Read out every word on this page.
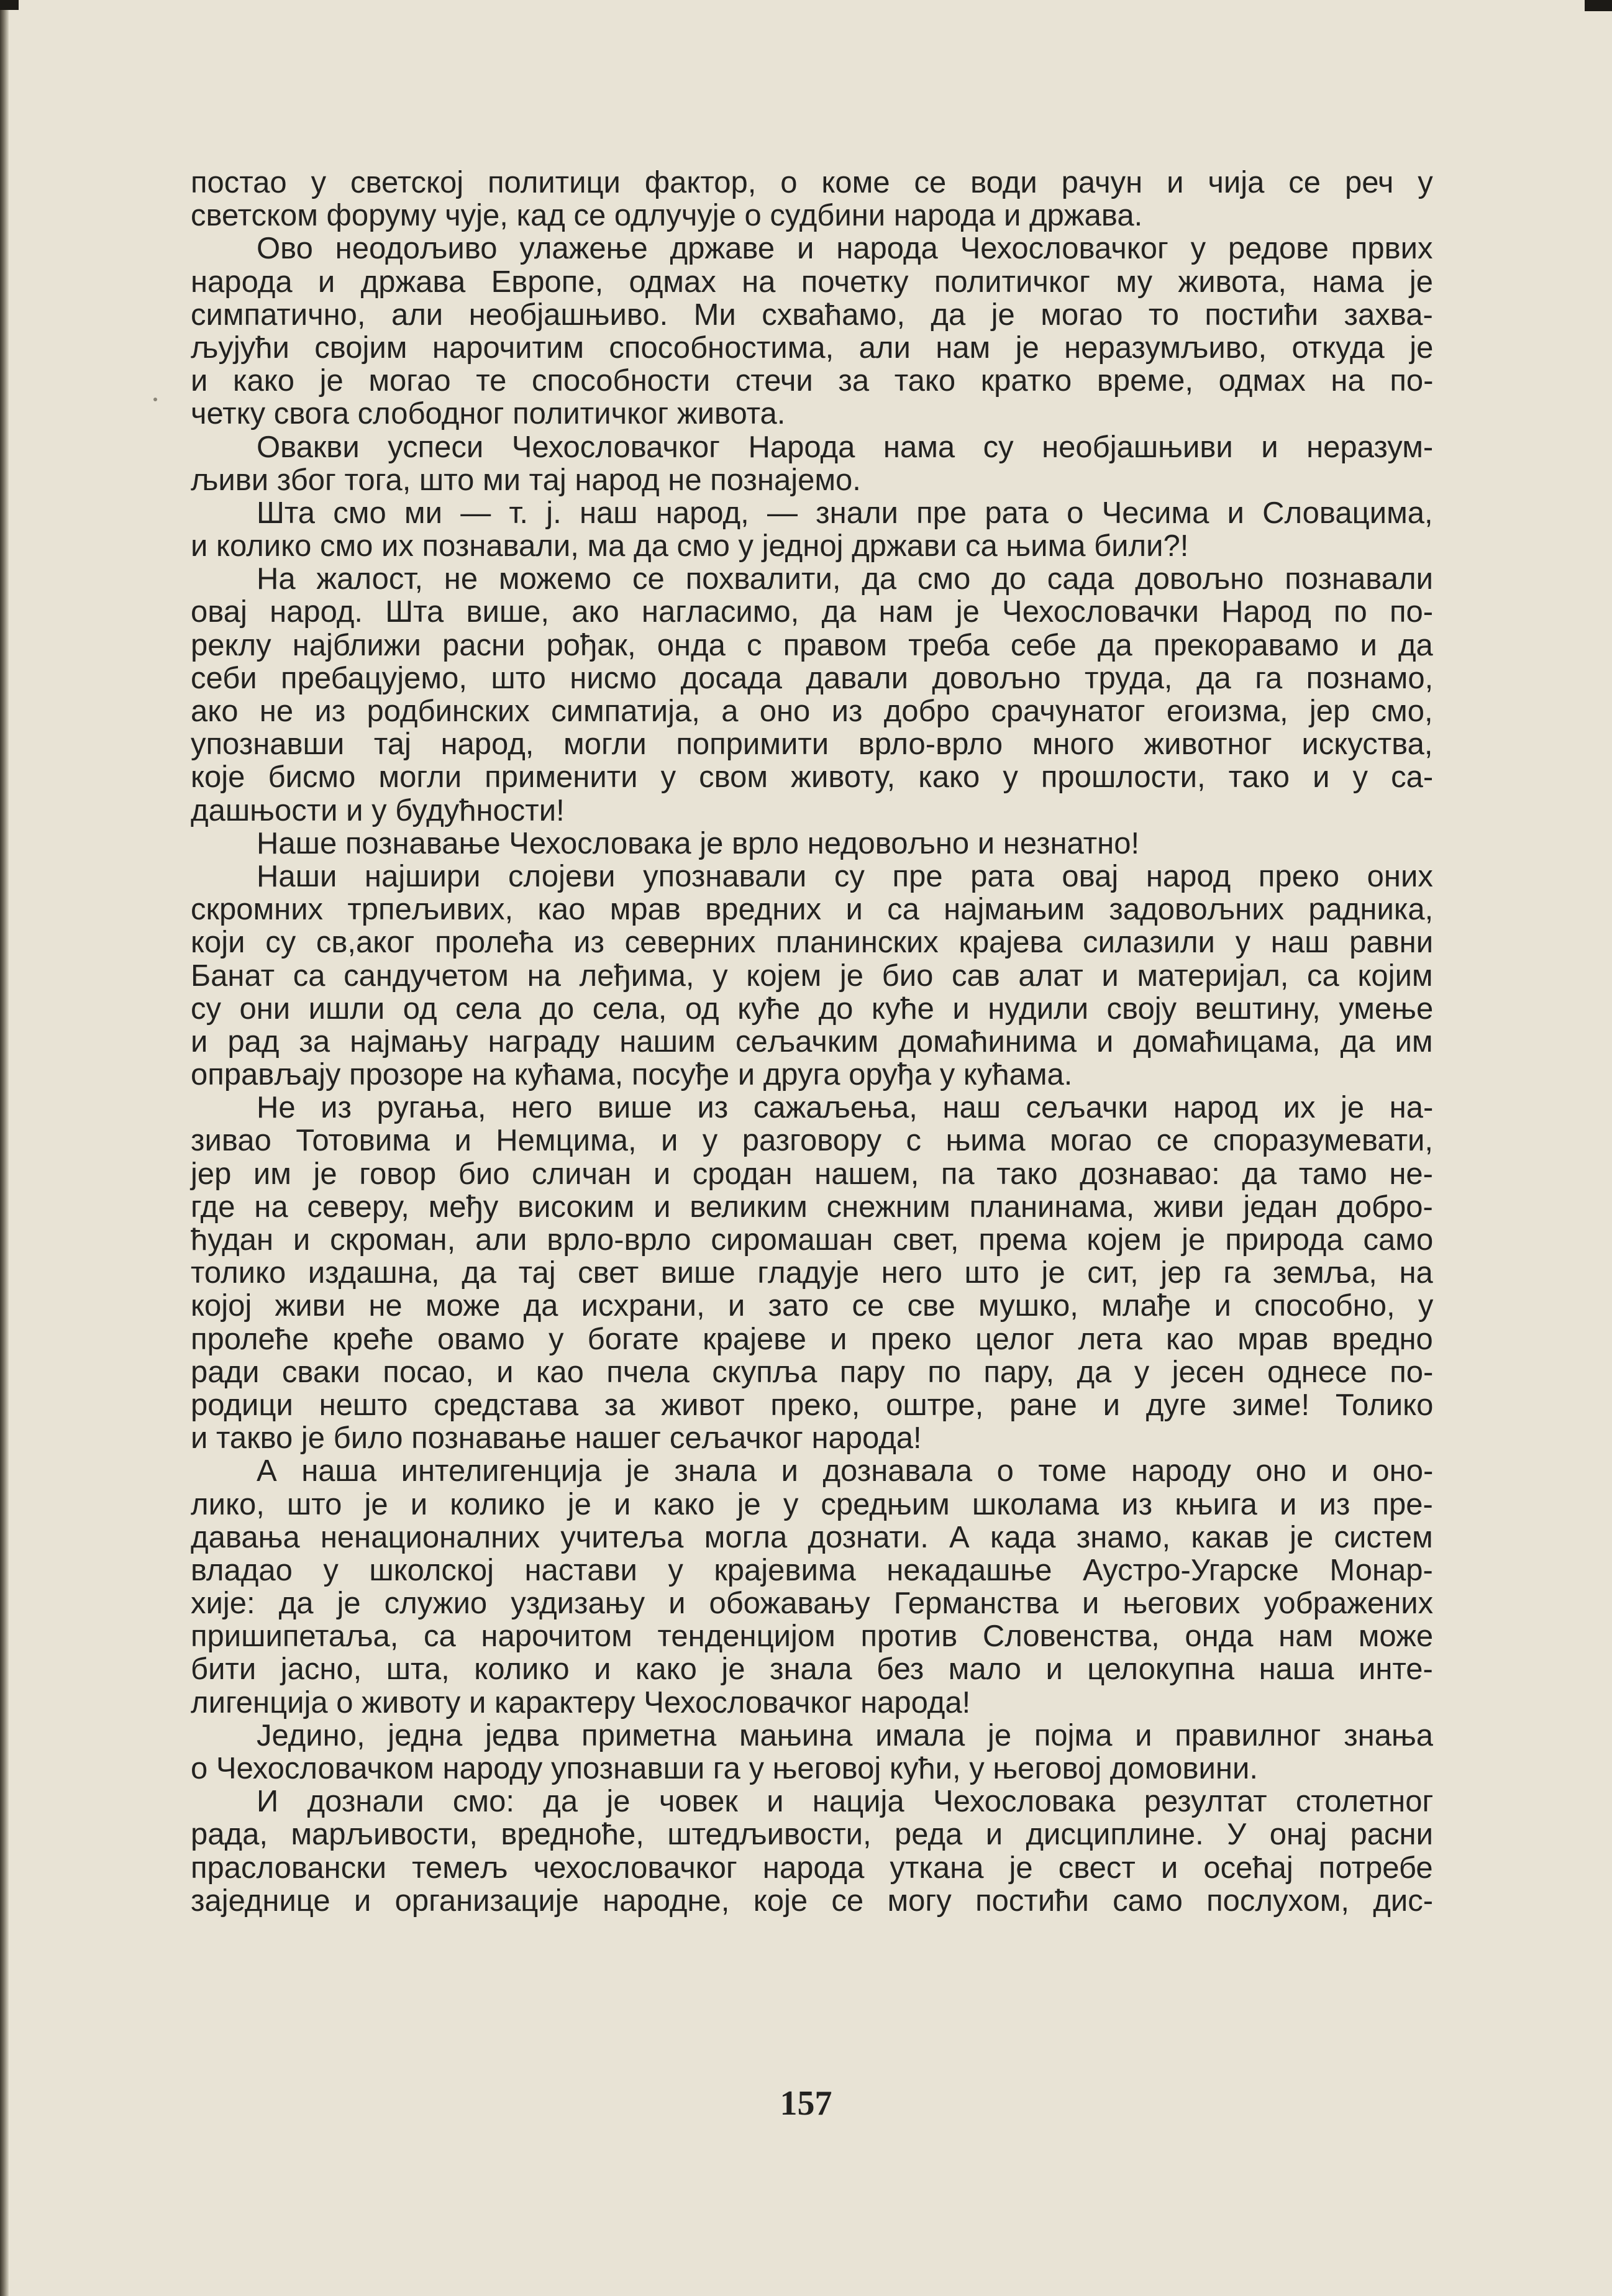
постао у светској политици фактор, о коме се води рачун и чија се реч у
светском форуму чује, кад се одлучује о судбини народа и држава.
Ово неодољиво улажење државе и народа Чехословачког у редове првих
народа и држава Европе, одмах на почетку политичког му живота, нама је
симпатично, али необјашњиво. Ми схваћамо, да је могао то постићи захва-
љујући својим нарочитим способностима, али нам је неразумљиво, откуда је
и како је могао те способности стечи за тако кратко време, одмах на по-
четку свога слободног политичког живота.
Овакви успеси Чехословачког Народа нама су необјашњиви и неразум-
љиви због тога, што ми тај народ не познајемо.
Шта смо ми — т. ј. наш народ, — знали пре рата о Чесима и Словацима,
и колико смо их познавали, ма да смо у једној држави са њима били?!
На жалост, не можемо се похвалити, да смо до сада довољно познавали
овај народ. Шта више, ако нагласимо, да нам је Чехословачки Народ по по-
реклу најближи расни рођак, онда с правом треба себе да прекоравамо и да
себи пребацујемо, што нисмо досада давали довољно труда, да га познамо,
ако не из родбинских симпатија, а оно из добро срачунатог егоизма, јер смо,
упознавши тај народ, могли попримити врло-врло много животног искуства,
које бисмо могли применити у свом животу, како у прошлости, тако и у са-
дашњости и у будућности!
Наше познавање Чехословака је врло недовољно и незнатно!
Наши најшири слојеви упознавали су пре рата овај народ преко оних
скромних трпељивих, као мрав вредних и са најмањим задовољних радника,
који су св,аког пролећа из северних планинских крајева силазили у наш равни
Банат са сандучетом на леђима, у којем је био сав алат и материјал, са којим
су они ишли од села до села, од куће до куће и нудили своју вештину, умење
и рад за најмању награду нашим сељачким домаћинима и домаћицама, да им
оправљају прозоре на кућама, посуђе и друга оруђа у кућама.
Не из ругања, него више из сажаљења, наш сељачки народ их је на-
зивао Тотовима и Немцима, и у разговору с њима могао се споразумевати,
јер им је говор био сличан и сродан нашем, па тако дознавао: да тамо не-
где на северу, међу високим и великим снежним планинама, живи један добро-
ћудан и скроман, али врло-врло сиромашан свет, према којем је природа само
толико издашна, да тај свет више гладује него што је сит, јер га земља, на
којој живи не може да исхрани, и зато се све мушко, млађе и способно, у
пролеће креће овамо у богате крајеве и преко целог лета као мрав вредно
ради сваки посао, и као пчела скупља пару по пару, да у јесен однесе по-
родици нешто средстава за живот преко, оштре, ране и дуге зиме! Толико
и такво је било познавање нашег сељачког народа!
А наша интелигенција је знала и дознавала о томе народу оно и оно-
лико, што је и колико је и како је у средњим школама из књига и из пре-
давања ненационалних учитеља могла дознати. А када знамо, какав је систем
владао у школској настави у крајевима некадашње Аустро-Угарске Монар-
хије: да је служио уздизању и обожавању Германства и његових уображених
пришипетаља, са нарочитом тенденцијом против Словенства, онда нам може
бити јасно, шта, колико и како је знала без мало и целокупна наша инте-
лигенција о животу и карактеру Чехословачког народа!
Једино, једна једва приметна мањина имала је појма и правилног знања
о Чехословачком народу упознавши га у његовој кући, у његовој домовини.
И дознали смо: да је човек и нација Чехословака резултат столетног
рада, марљивости, вредноће, штедљивости, реда и дисциплине. У онај расни
прасловански темељ чехословачког народа уткана је свест и осећај потребе
заједнице и организације народне, које се могу постићи само послухом, дис-
157
